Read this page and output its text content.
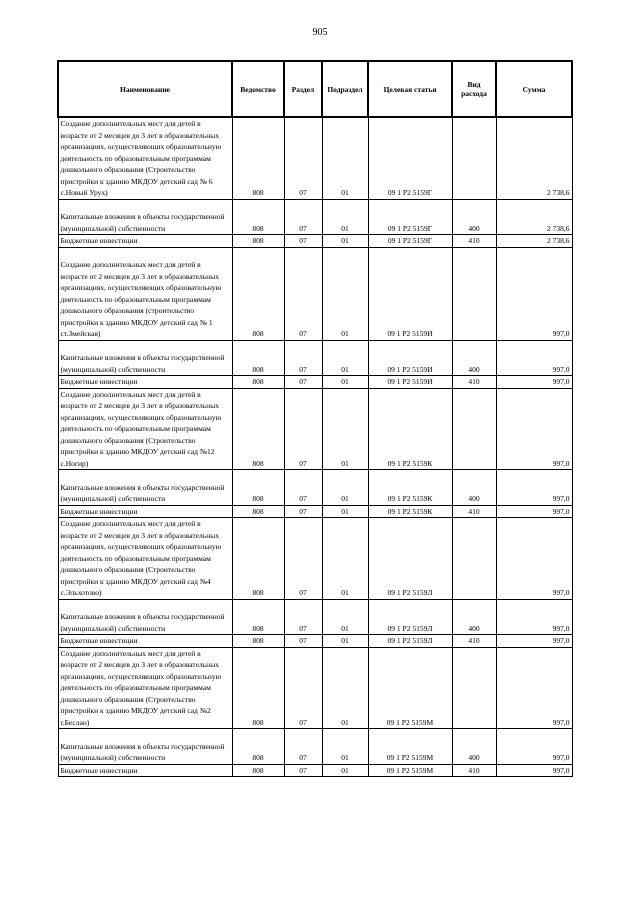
905
Наименование	Ведомство	Раздел	Подраздел	Целевая статья	Вид расхода	Сумма
Создание дополнительных мест для детей в возрасте от 2 месяцев до 3 лет в образовательных организациях, осуществляющих образовательную деятельность по образовательным программам дошкольного образования (Строительство пристройки к зданию МКДОУ детский сад № 6 с.Новый Урух)	808	07	01	09 1 Р2 5159Г		2 738,6
Капитальные вложения в объекты государственной (муниципальной) собственности	808	07	01	09 1 Р2 5159Г	400	2 738,6
Бюджетные инвестиции	808	07	01	09 1 Р2 5159Г	410	2 738,6
Создание дополнительных мест для детей в возрасте от 2 месяцев до 3 лет в образовательных организациях, осуществляющих образовательную деятельность по образовательным программам дошкольного образования (строительство пристройки к зданию МКДОУ детский сад № 1 ст.Змейская)	808	07	01	09 1 Р2 5159И		997,0
Капитальные вложения в объекты государственной (муниципальной) собственности	808	07	01	09 1 Р2 5159И	400	997,0
Бюджетные инвестиции	808	07	01	09 1 Р2 5159И	410	997,0
Создание дополнительных мест для детей в возрасте от 2 месяцев до 3 лет в образовательных организациях, осуществляющих образовательную деятельность по образовательным программам дошкольного образования (Строительство пристройки к зданию МКДОУ детский сад №12 с.Ногир)	808	07	01	09 1 Р2 5159К		997,0
Капитальные вложения в объекты государственной (муниципальной) собственности	808	07	01	09 1 Р2 5159К	400	997,0
Бюджетные инвестиции	808	07	01	09 1 Р2 5159К	410	997,0
Создание дополнительных мест для детей в возрасте от 2 месяцев до 3 лет в образовательных организациях, осуществляющих образовательную деятельность по образовательным программам дошкольного образования (Строительство пристройки к зданию МКДОУ детский сад №4 с.Эльхотово)	808	07	01	09 1 Р2 5159Л		997,0
Капитальные вложения в объекты государственной (муниципальной) собственности	808	07	01	09 1 Р2 5159Л	400	997,0
Бюджетные инвестиции	808	07	01	09 1 Р2 5159Л	410	997,0
Создание дополнительных мест для детей в возрасте от 2 месяцев до 3 лет в образовательных организациях, осуществляющих образовательную деятельность по образовательным программам дошкольного образования (Строительство пристройки к зданию МКДОУ детский сад №2 г.Беслан)	808	07	01	09 1 Р2 5159М		997,0
Капитальные вложения в объекты государственной (муниципальной) собственности	808	07	01	09 1 Р2 5159М	400	997,0
Бюджетные инвестиции	808	07	01	09 1 Р2 5159М	410	997,0
